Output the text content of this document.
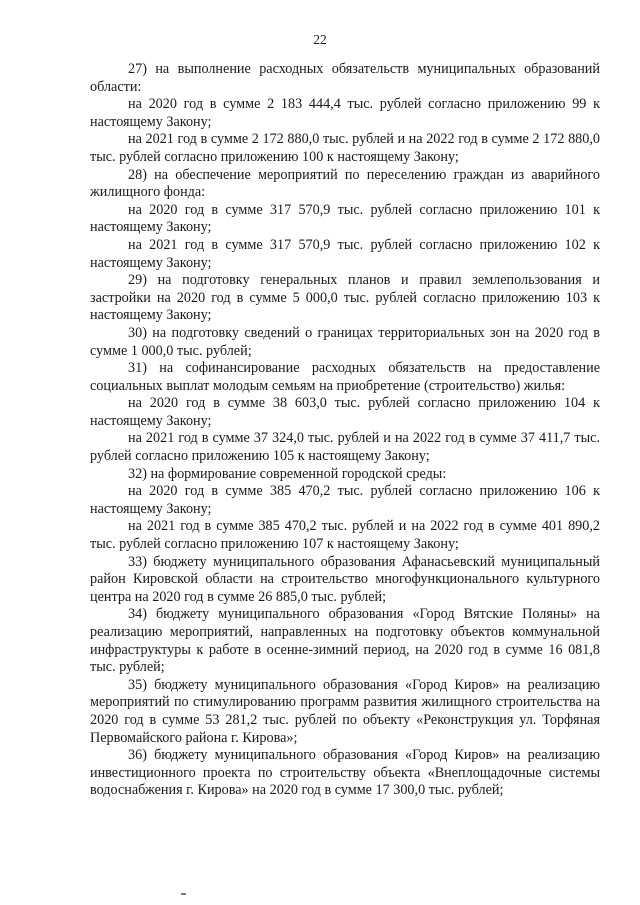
22

27) на выполнение расходных обязательств муниципальных образований области:

на 2020 год в сумме 2 183 444,4 тыс. рублей согласно приложению 99 к настоящему Закону;

на 2021 год в сумме 2 172 880,0 тыс. рублей и на 2022 год в сумме 2 172 880,0 тыс. рублей согласно приложению 100 к настоящему Закону;

28) на обеспечение мероприятий по переселению граждан из аварийного жилищного фонда:

на 2020 год в сумме 317 570,9 тыс. рублей согласно приложению 101 к настоящему Закону;

на 2021 год в сумме 317 570,9 тыс. рублей согласно приложению 102 к настоящему Закону;

29) на подготовку генеральных планов и правил землепользования и застройки на 2020 год в сумме 5 000,0 тыс. рублей согласно приложению 103 к настоящему Закону;

30) на подготовку сведений о границах территориальных зон на 2020 год в сумме 1 000,0 тыс. рублей;

31) на софинансирование расходных обязательств на предоставление социальных выплат молодым семьям на приобретение (строительство) жилья:

на 2020 год в сумме 38 603,0 тыс. рублей согласно приложению 104 к настоящему Закону;

на 2021 год в сумме 37 324,0 тыс. рублей и на 2022 год в сумме 37 411,7 тыс. рублей согласно приложению 105 к настоящему Закону;

32) на формирование современной городской среды:

на 2020 год в сумме 385 470,2 тыс. рублей согласно приложению 106 к настоящему Закону;

на 2021 год в сумме 385 470,2 тыс. рублей и на 2022 год в сумме 401 890,2 тыс. рублей согласно приложению 107 к настоящему Закону;

33) бюджету муниципального образования Афанасьевский муниципальный район Кировской области на строительство многофункционального культурного центра на 2020 год в сумме 26 885,0 тыс. рублей;

34) бюджету муниципального образования «Город Вятские Поляны» на реализацию мероприятий, направленных на подготовку объектов коммунальной инфраструктуры к работе в осенне-зимний период, на 2020 год в сумме 16 081,8 тыс. рублей;

35) бюджету муниципального образования «Город Киров» на реализацию мероприятий по стимулированию программ развития жилищного строительства на 2020 год в сумме 53 281,2 тыс. рублей по объекту «Реконструкция ул. Торфяная Первомайского района г. Кирова»;

36) бюджету муниципального образования «Город Киров» на реализацию инвестиционного проекта по строительству объекта «Внеплощадочные системы водоснабжения г. Кирова» на 2020 год в сумме 17 300,0 тыс. рублей;
